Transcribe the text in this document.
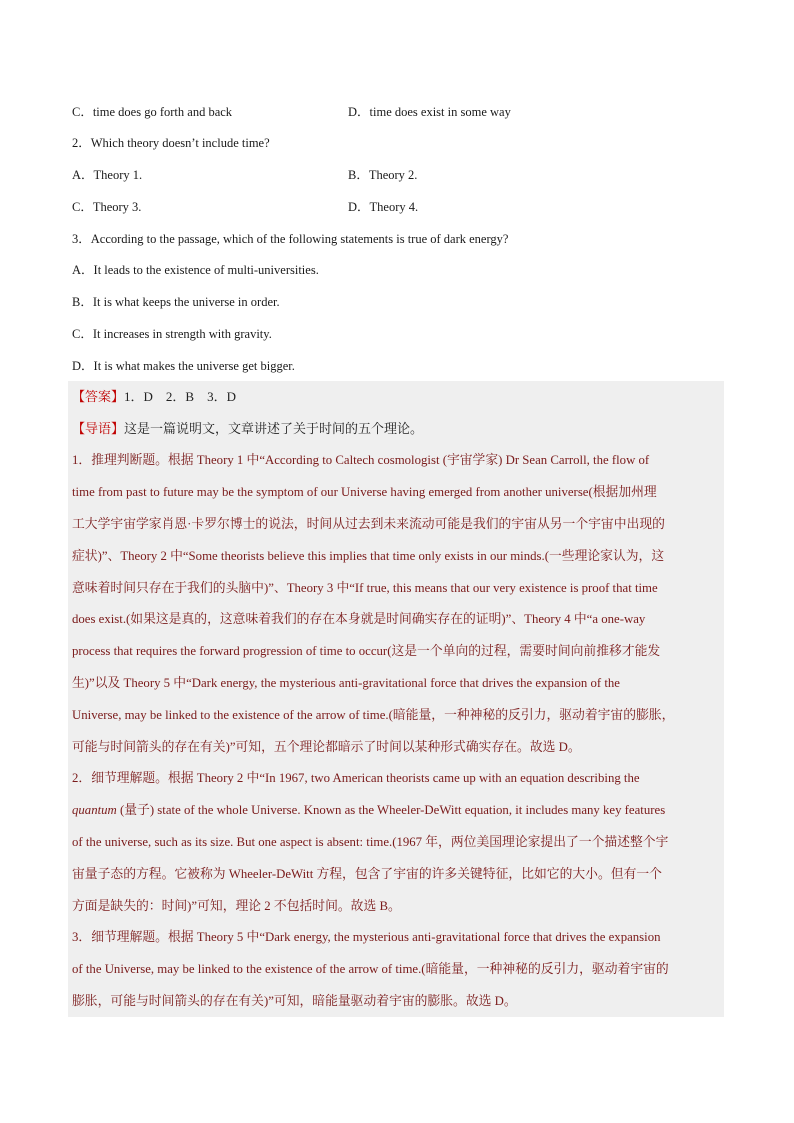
C．time does go forth and back	D．time does exist in some way
2．Which theory doesn’t include time?
A．Theory 1.	B．Theory 2.
C．Theory 3.	D．Theory 4.
3．According to the passage, which of the following statements is true of dark energy?
A．It leads to the existence of multi-universities.
B．It is what keeps the universe in order.
C．It increases in strength with gravity.
D．It is what makes the universe get bigger.
【答案】1．D　2．B　3．D
【导语】这是一篇说明文，文章讲述了关于时间的五个理论。
1．推理判断题。根据 Theory 1 中“According to Caltech cosmologist (宇宙学家) Dr Sean Carroll, the flow of
time from past to future may be the symptom of our Universe having emerged from another universe(根据加州理
工大学宇宙学家肖恩·卡罗尔博士的说法，时间从过去到未来流动可能是我们的宇宙从另一个宇宙中出现的
症状)”、Theory 2 中“Some theorists believe this implies that time only exists in our minds.(一些理论家认为，这
意味着时间只存在于我们的头脑中)”、Theory 3 中“If true, this means that our very existence is proof that time
does exist.(如果这是真的，这意味着我们的存在本身就是时间确实存在的证明)”、Theory 4 中“a one-way
process that requires the forward progression of time to occur(这是一个单向的过程，需要时间向前推移才能发
生)”以及 Theory 5 中“Dark energy, the mysterious anti-gravitational force that drives the expansion of the
Universe, may be linked to the existence of the arrow of time.(暗能量，一种神秘的反引力，驱动着宇宙的膨胀，
可能与时间箭头的存在有关)”可知，五个理论都暗示了时间以某种形式确实存在。故选 D。
2．细节理解题。根据 Theory 2 中“In 1967, two American theorists came up with an equation describing the
quantum (量子) state of the whole Universe. Known as the Wheeler-DeWitt equation, it includes many key features
of the universe, such as its size. But one aspect is absent: time.(1967 年，两位美国理论家提出了一个描述整个宇
宙量子态的方程。它被称为 Wheeler-DeWitt 方程，包含了宇宙的许多关键特征，比如它的大小。但有一个
方面是缺失的：时间)”可知，理论 2 不包括时间。故选 B。
3．细节理解题。根据 Theory 5 中“Dark energy, the mysterious anti-gravitational force that drives the expansion
of the Universe, may be linked to the existence of the arrow of time.(暗能量，一种神秘的反引力，驱动着宇宙的
膨胀，可能与时间箭头的存在有关)”可知，暗能量驱动着宇宙的膨胀。故选 D。
